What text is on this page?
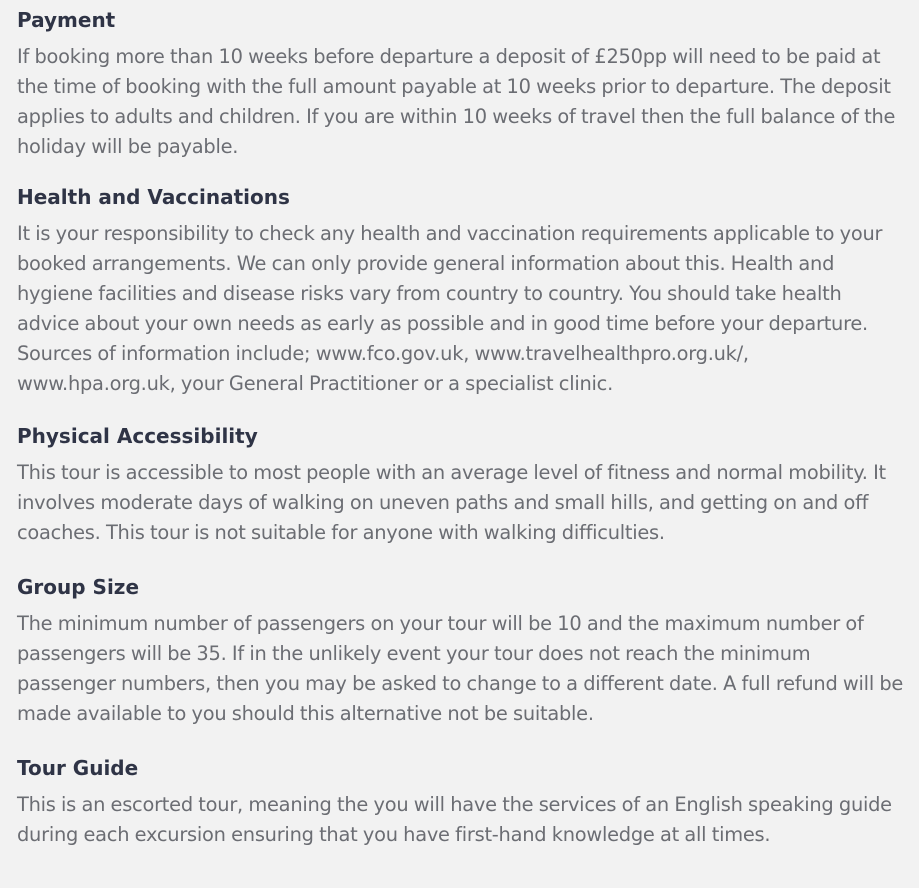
Payment

If booking more than 10 weeks before departure a deposit of £250pp will need to be paid at the time of booking with the full amount payable at 10 weeks prior to departure. The deposit applies to adults and children. If you are within 10 weeks of travel then the full balance of the holiday will be payable.

Health and Vaccinations

It is your responsibility to check any health and vaccination requirements applicable to your booked arrangements. We can only provide general information about this. Health and hygiene facilities and disease risks vary from country to country. You should take health advice about your own needs as early as possible and in good time before your departure. Sources of information include; www.fco.gov.uk, www.travelhealthpro.org.uk/, www.hpa.org.uk, your General Practitioner or a specialist clinic.

Physical Accessibility

This tour is accessible to most people with an average level of fitness and normal mobility. It involves moderate days of walking on uneven paths and small hills, and getting on and off coaches. This tour is not suitable for anyone with walking difficulties.

Group Size

The minimum number of passengers on your tour will be 10 and the maximum number of passengers will be 35. If in the unlikely event your tour does not reach the minimum passenger numbers, then you may be asked to change to a different date. A full refund will be made available to you should this alternative not be suitable.

Tour Guide

This is an escorted tour, meaning the you will have the services of an English speaking guide during each excursion ensuring that you have first-hand knowledge at all times.
